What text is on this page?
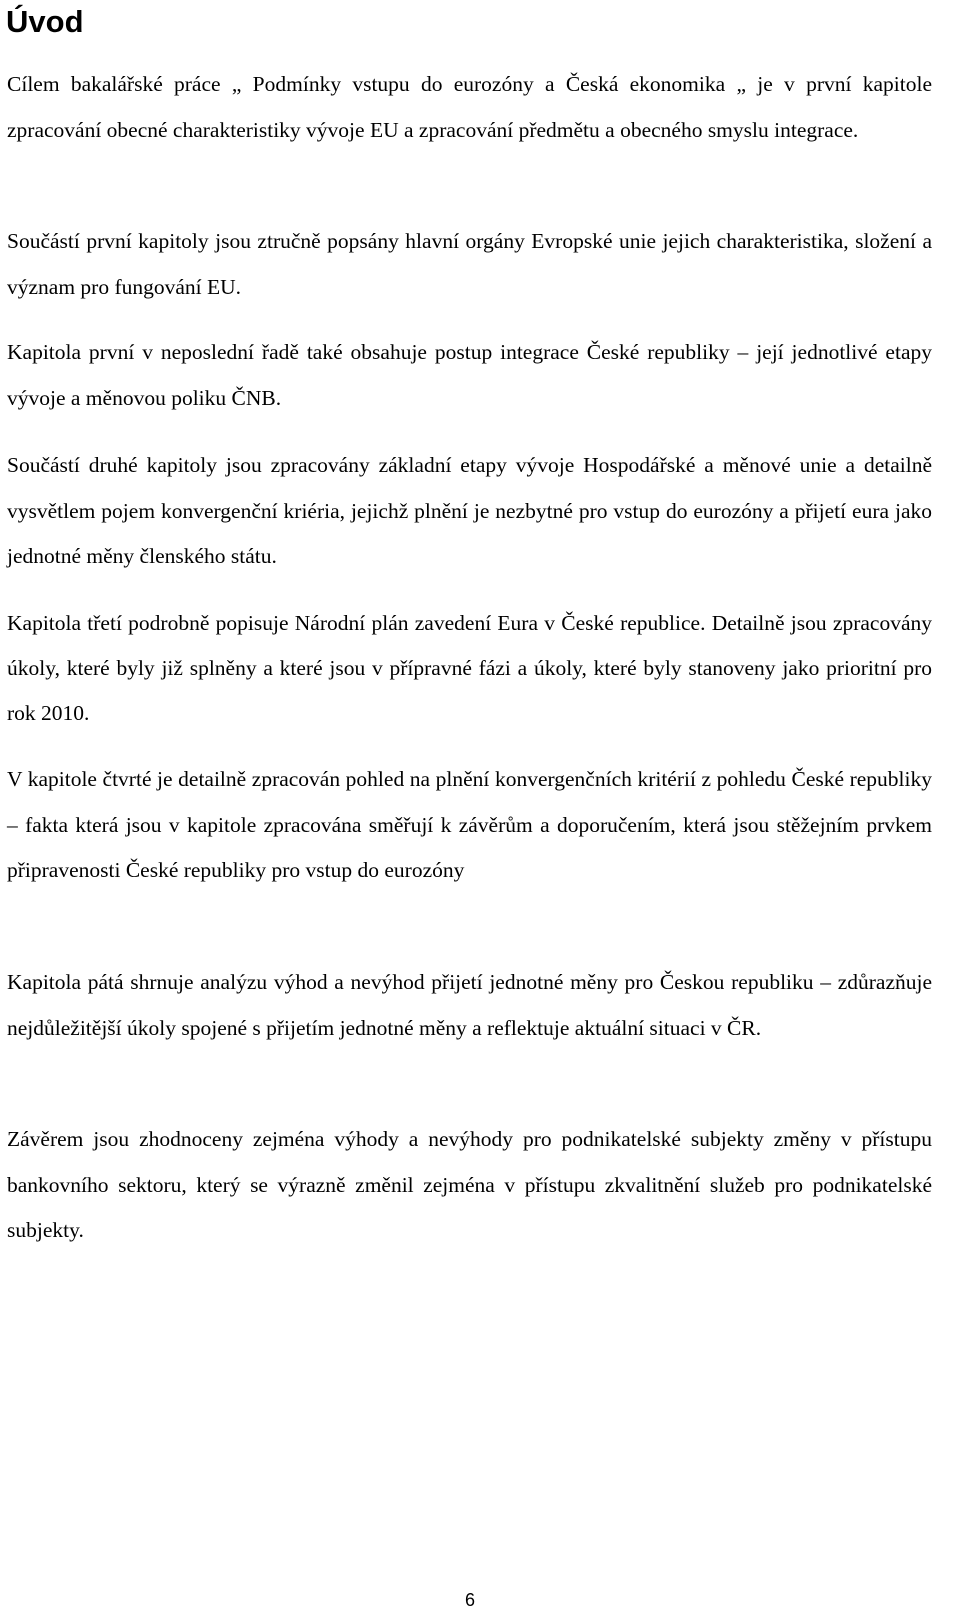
Úvod

Cílem bakalářské práce „ Podmínky vstupu do eurozóny a Česká ekonomika „ je v první kapitole zpracování obecné charakteristiky vývoje EU a zpracování předmětu a obecného smyslu integrace.

Součástí první kapitoly jsou ztručně popsány hlavní orgány Evropské unie jejich charakteristika, složení a význam pro fungování EU.

Kapitola první v neposlední řadě také obsahuje postup integrace České republiky – její jednotlivé etapy vývoje a měnovou poliku ČNB.

Součástí druhé kapitoly jsou zpracovány základní etapy vývoje Hospodářské a měnové unie a detailně vysvětlem pojem konvergenční kriéria, jejichž plnění je nezbytné pro vstup do eurozóny a přijetí eura jako jednotné měny členského státu.

Kapitola třetí podrobně popisuje Národní plán zavedení Eura v České republice. Detailně jsou zpracovány úkoly, které byly již splněny a které jsou v přípravné fázi a úkoly, které byly stanoveny jako prioritní pro rok 2010.

V kapitole čtvrté je detailně zpracován pohled na plnění konvergenčních kritérií z pohledu České republiky – fakta která jsou v kapitole zpracována směřují k závěrům a doporučením, která jsou stěžejním prvkem připravenosti České republiky pro vstup do eurozóny

Kapitola pátá shrnuje analýzu výhod a nevýhod přijetí jednotné měny pro Českou republiku – zdůrazňuje nejdůležitější úkoly spojené s přijetím jednotné měny a reflektuje aktuální situaci v ČR.

Závěrem jsou zhodnoceny zejména výhody a nevýhody pro podnikatelské subjekty změny v přístupu bankovního sektoru, který se výrazně změnil zejména v přístupu zkvalitnění služeb pro podnikatelské subjekty.

6
